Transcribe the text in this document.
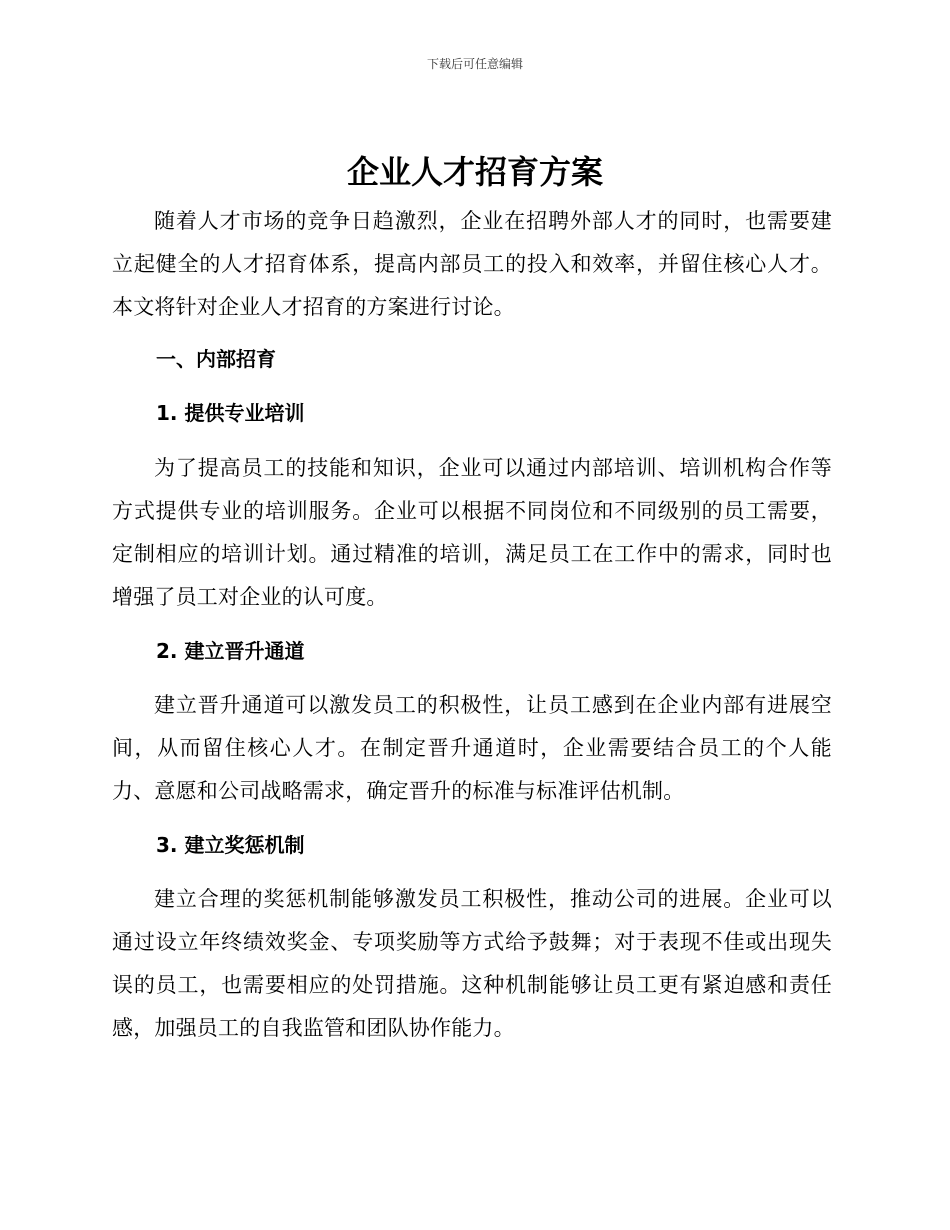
下载后可任意编辑
企业人才招育方案

随着人才市场的竞争日趋激烈，企业在招聘外部人才的同时，也需要建立起健全的人才招育体系，提高内部员工的投入和效率，并留住核心人才。本文将针对企业人才招育的方案进行讨论。

一、内部招育
1. 提供专业培训

为了提高员工的技能和知识，企业可以通过内部培训、培训机构合作等方式提供专业的培训服务。企业可以根据不同岗位和不同级别的员工需要，定制相应的培训计划。通过精准的培训，满足员工在工作中的需求，同时也增强了员工对企业的认可度。

2. 建立晋升通道

建立晋升通道可以激发员工的积极性，让员工感到在企业内部有进展空间，从而留住核心人才。在制定晋升通道时，企业需要结合员工的个人能力、意愿和公司战略需求，确定晋升的标准与标准评估机制。

3. 建立奖惩机制

建立合理的奖惩机制能够激发员工积极性，推动公司的进展。企业可以通过设立年终绩效奖金、专项奖励等方式给予鼓舞；对于表现不佳或出现失误的员工，也需要相应的处罚措施。这种机制能够让员工更有紧迫感和责任感，加强员工的自我监管和团队协作能力。
